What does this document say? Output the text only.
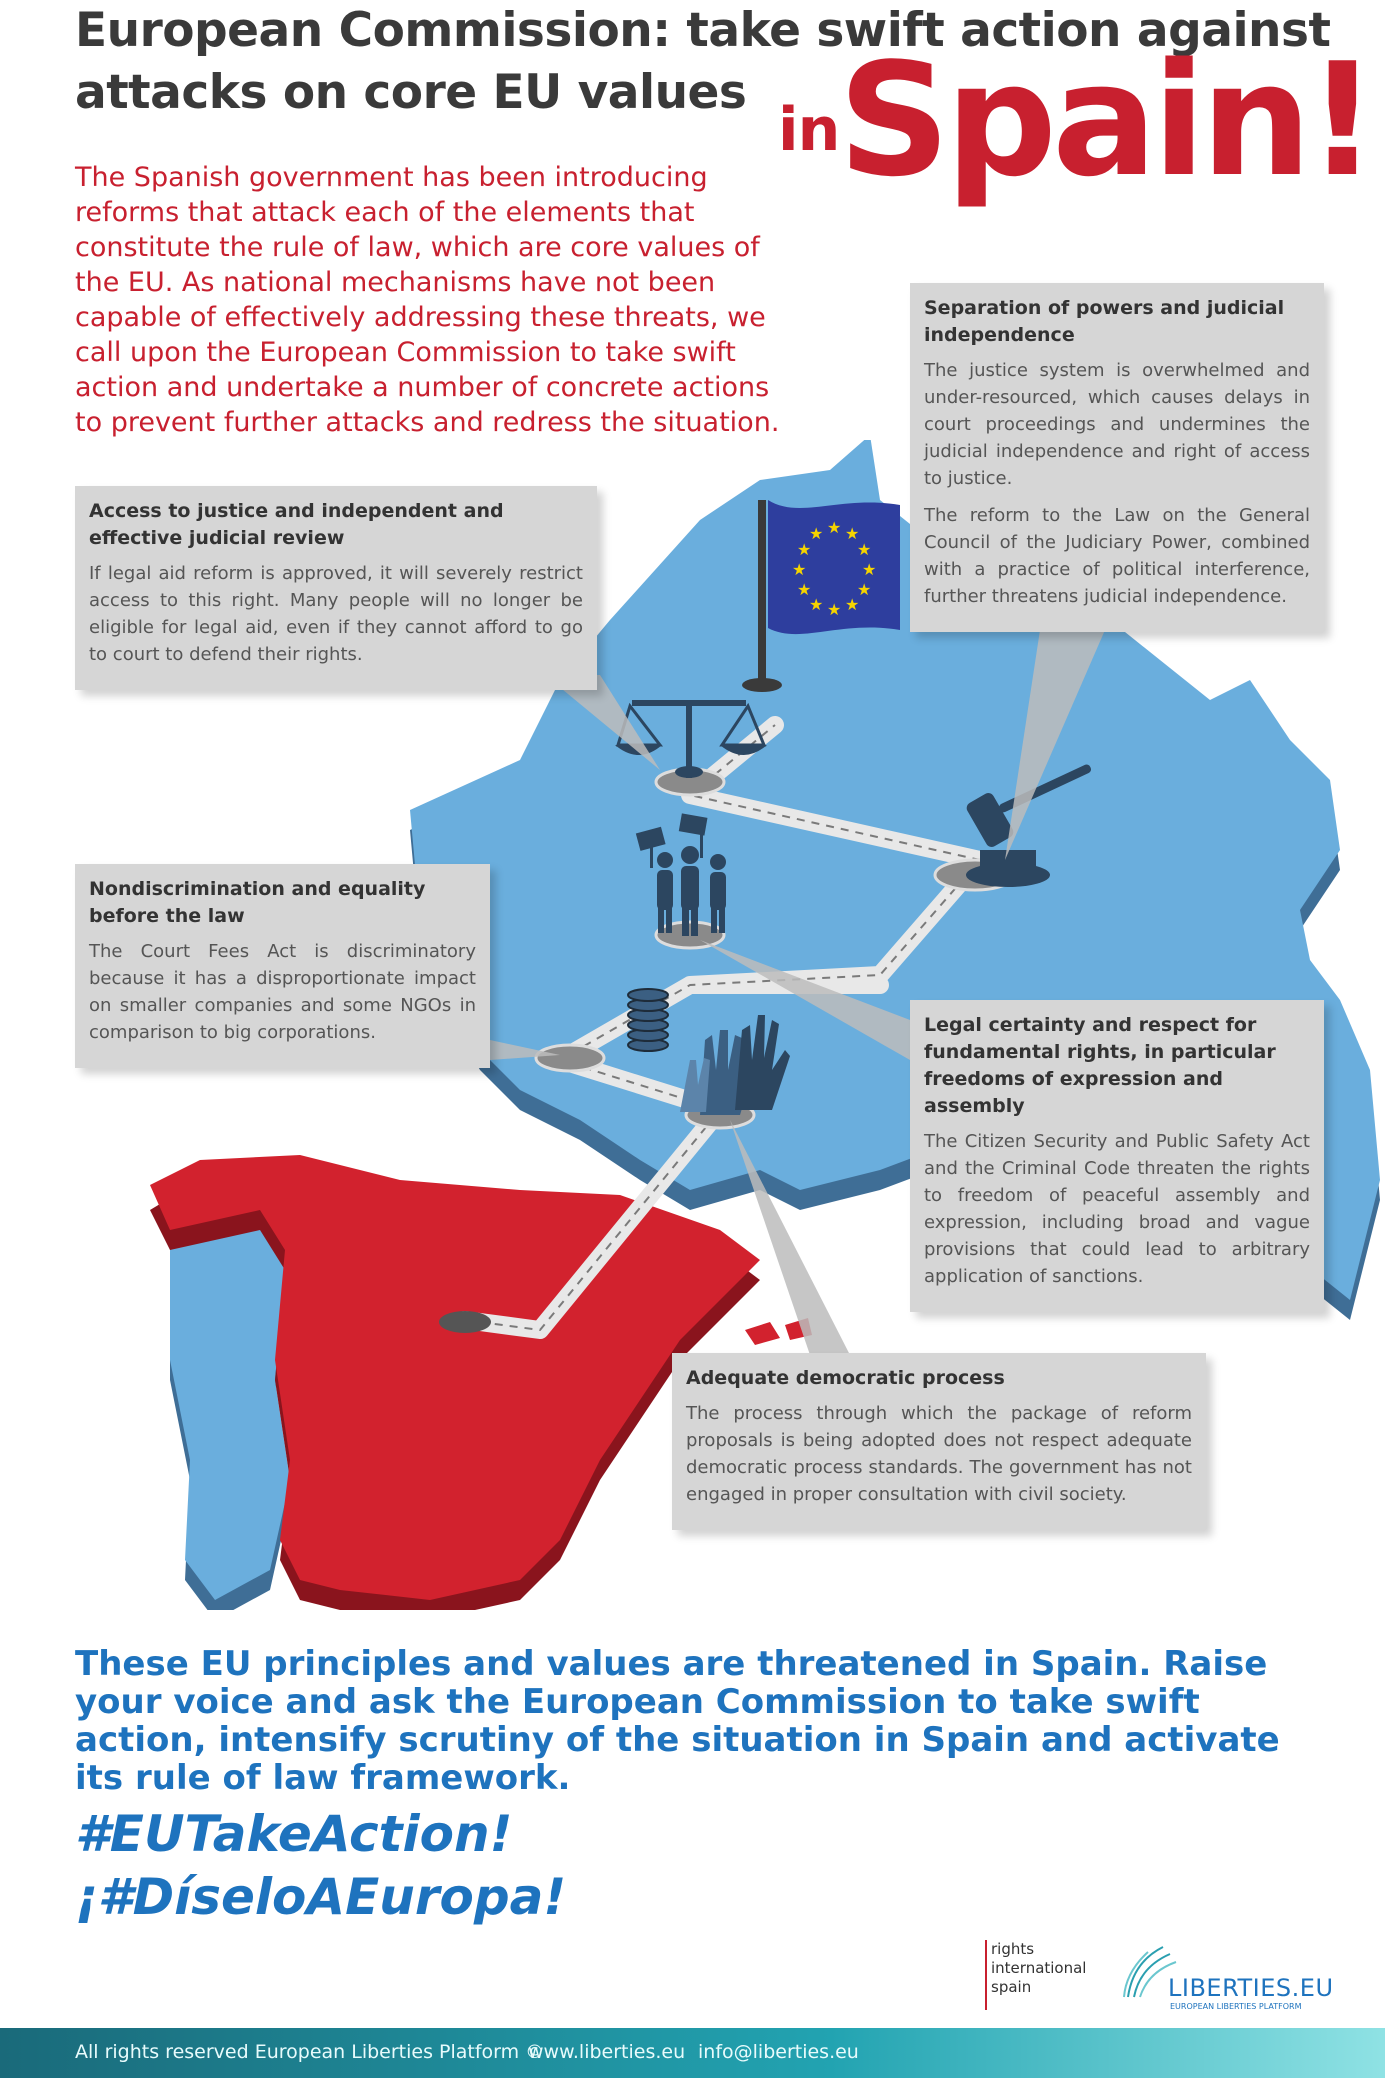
European Commission: take swift action against
attacks on core EU values
in
Spain!
The Spanish government has been introducing reforms that attack each of the elements that constitute the rule of law, which are core values of the EU. As national mechanisms have not been capable of effectively addressing these threats, we call upon the European Commission to take swift action and undertake a number of concrete actions to prevent further attacks and redress the situation.
★ ★
★
★
★
★
★
★
★
★
★
★
Access to justice and independent and effective judicial review

If legal aid reform is approved, it will severely restrict access to this right. Many people will no longer be eligible for legal aid, even if they cannot afford to go to court to defend their rights.

Separation of powers and judicial independence

The justice system is overwhelmed and under-resourced, which causes delays in court proceedings and undermines the judicial independence and right of access to justice.

The reform to the Law on the General Council of the Judiciary Power, combined with a practice of political interference, further threatens judicial independence.

Nondiscrimination and equality before the law

The Court Fees Act is discriminatory because it has a disproportionate impact on smaller companies and some NGOs in comparison to big corporations.	Legal certainty and respect for fundamental rights, in particular freedoms of expression and assembly

The Citizen Security and Public Safety Act and the Criminal Code threaten the rights to freedom of peaceful assembly and expression, including broad and vague provisions that could lead to arbitrary application of sanctions.

Adequate democratic process

The process through which the package of reform proposals is being adopted does not respect adequate democratic process standards. The government has not engaged in proper consultation with civil society.

These EU principles and values are threatened in Spain. Raise your voice and ask the European Commission to take swift action, intensify scrutiny of the situation in Spain and activate its rule of law framework.
#EUTakeAction!
¡#DíseloAEuropa!
rights
international
spain	LIBERTIES.EU
EUROPEAN LIBERTIES PLATFORM
All rights reserved European Liberties Platform ©
www.liberties.eu info@liberties.eu
